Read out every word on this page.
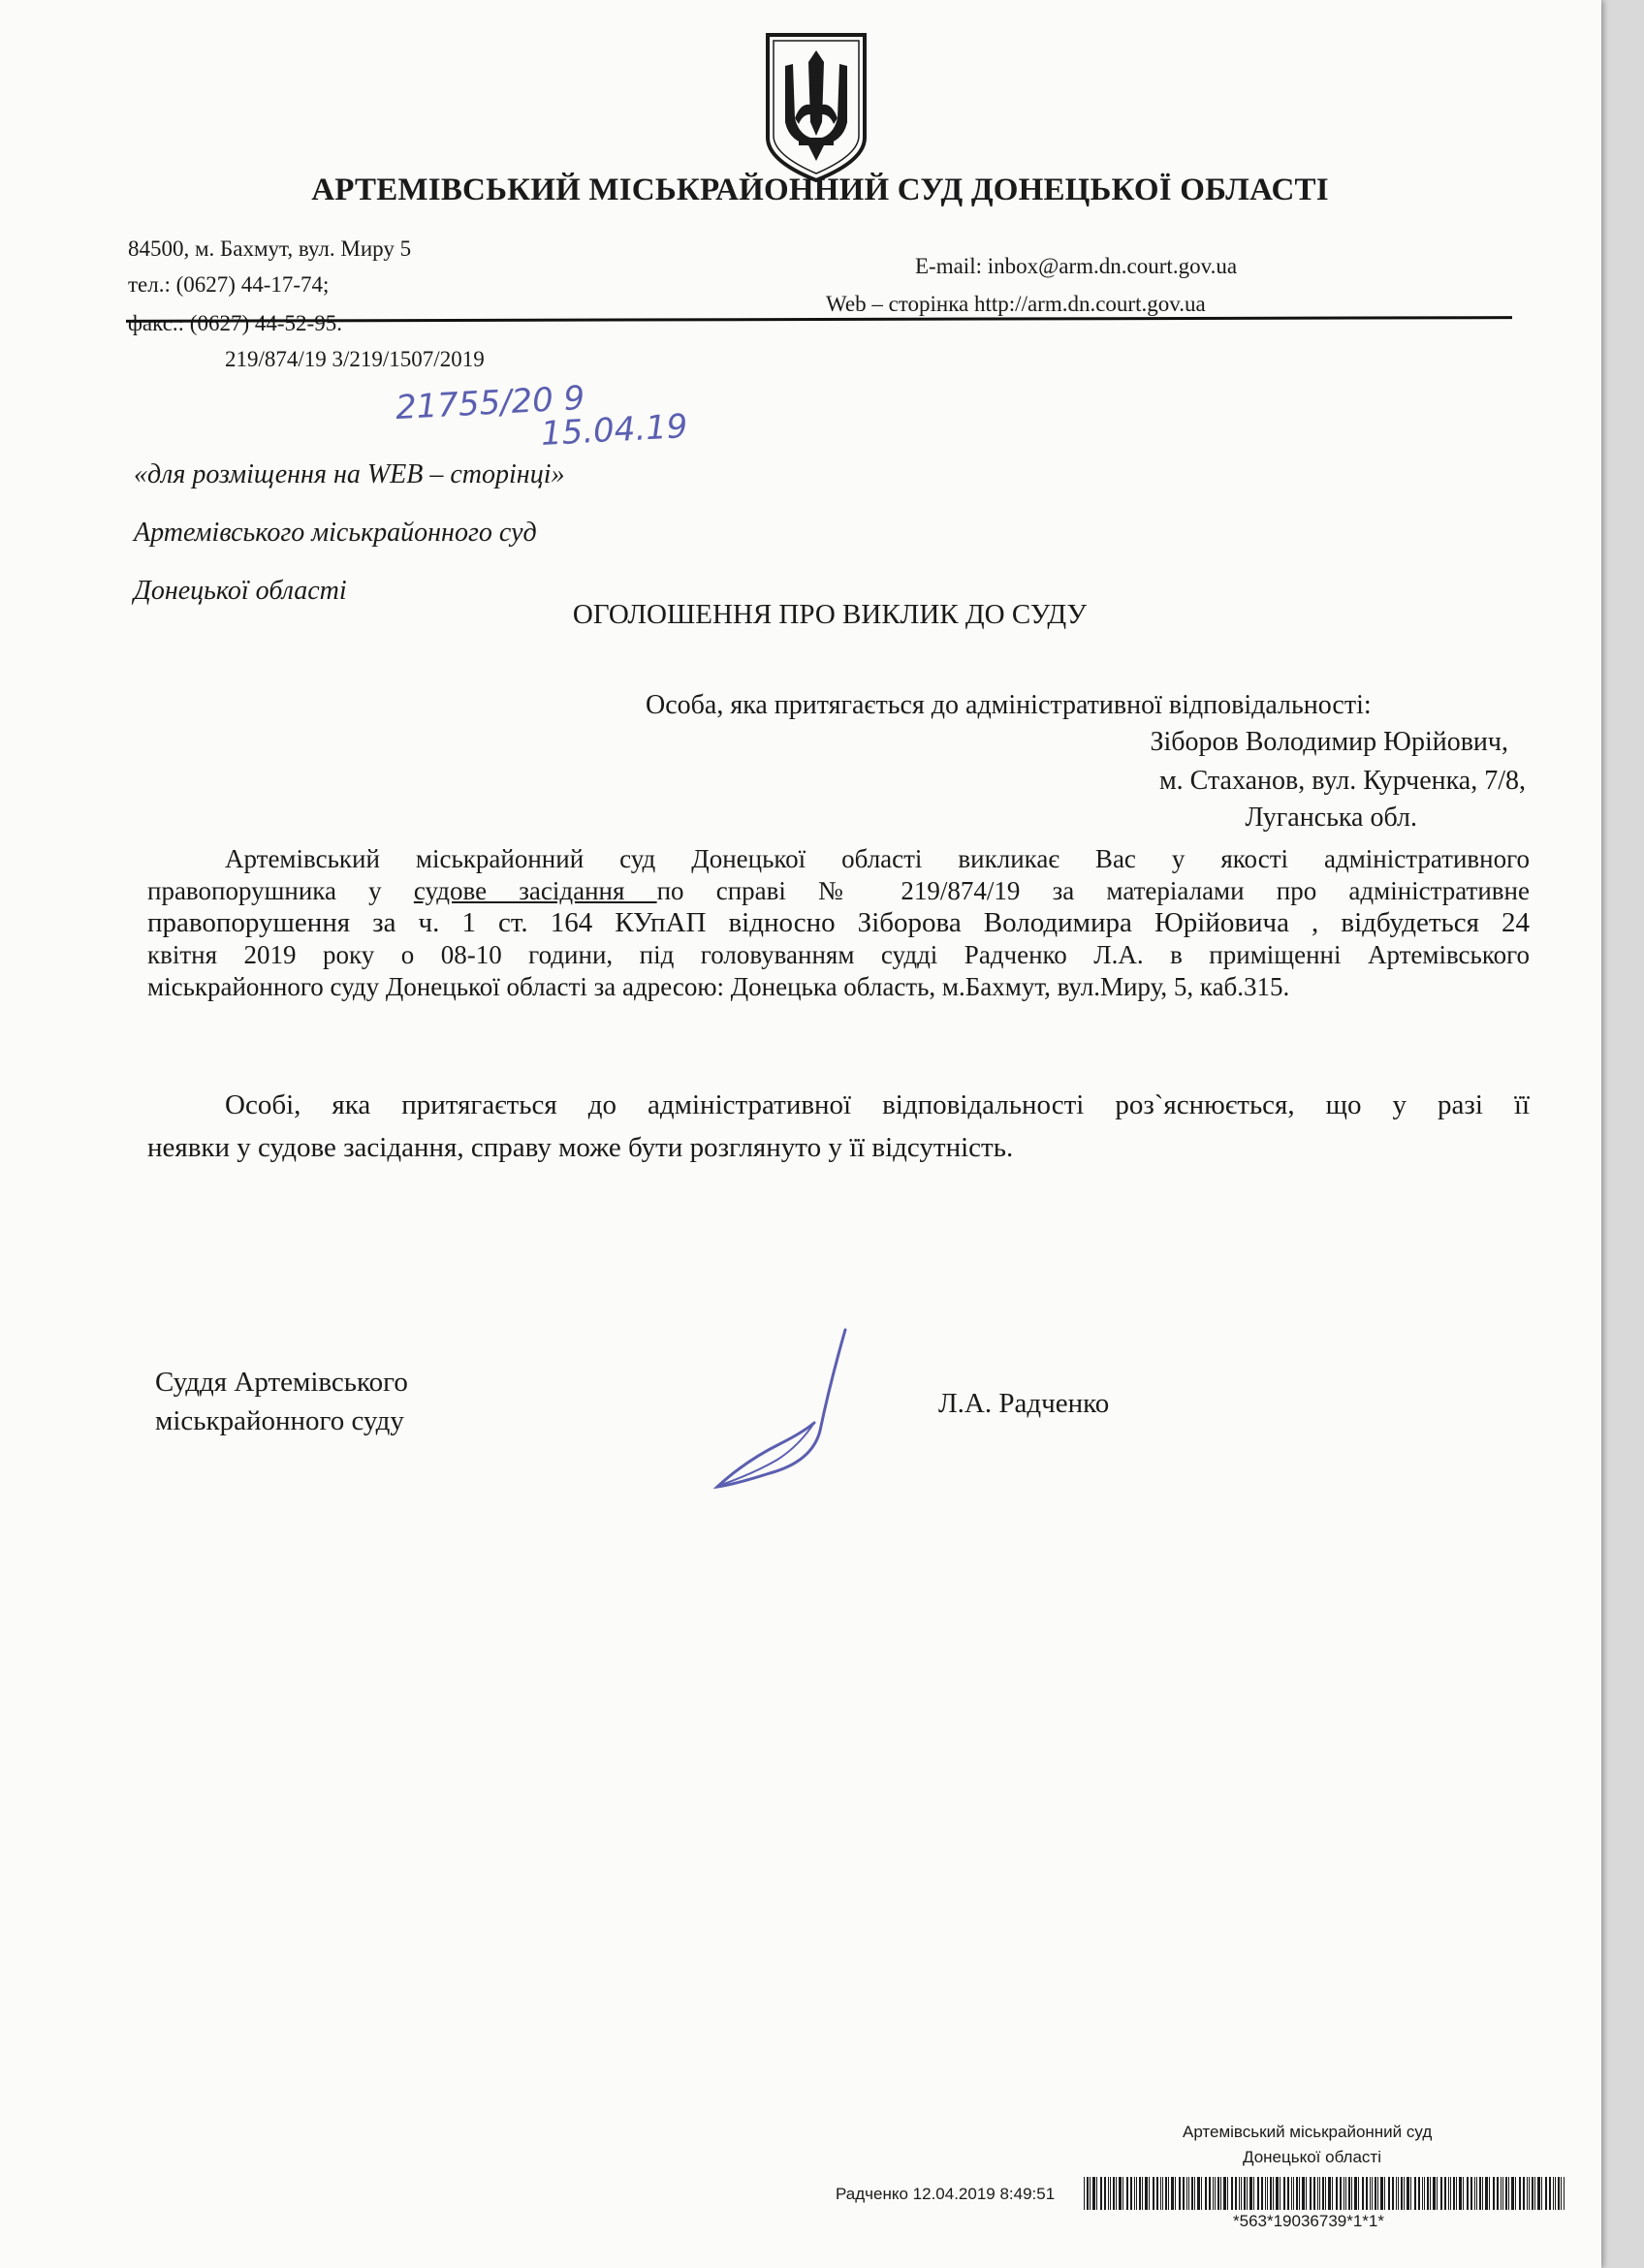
АРТЕМІВСЬКИЙ МІСЬКРАЙОННИЙ СУД ДОНЕЦЬКОЇ ОБЛАСТІ
84500, м. Бахмут, вул. Миру 5
тел.: (0627) 44-17-74;
факс.: (0627) 44-52-95.
E-mail: inbox@arm.dn.court.gov.ua
Web – сторінка http://arm.dn.court.gov.ua
219/874/19 3/219/1507/2019
21755/20 9
15.04.19
«для розміщення на WEB – сторінці»
Артемівського міськрайонного суд
Донецької області
ОГОЛОШЕННЯ ПРО ВИКЛИК ДО СУДУ
Особа, яка притягається до адміністративної відповідальності:
Зіборов Володимир Юрійович,
м. Стаханов, вул. Курченка, 7/8,
Луганська обл.
Артемівський міськрайонний суд Донецької області викликає Вас у якості адміністративного
правопорушника у судове засідання по справі № 219/874/19 за матеріалами про адміністративне
правопорушення за ч. 1 ст. 164 КУпАП відносно Зіборова Володимира Юрійовича , відбудеться 24
квітня 2019 року о 08-10 години, під головуванням судді Радченко Л.А. в приміщенні Артемівського
міськрайонного суду Донецької області за адресою: Донецька область, м.Бахмут, вул.Миру, 5, каб.315.
Особі, яка притягається до адміністративної відповідальності роз`яснюється, що у разі її
неявки у судове засідання, справу може бути розглянуто у її відсутність.
Суддя Артемівського
міськрайонного суду
Л.А. Радченко
Артемівський міськрайонний суд
Донецької області
Радченко 12.04.2019 8:49:51
*563*19036739*1*1*
